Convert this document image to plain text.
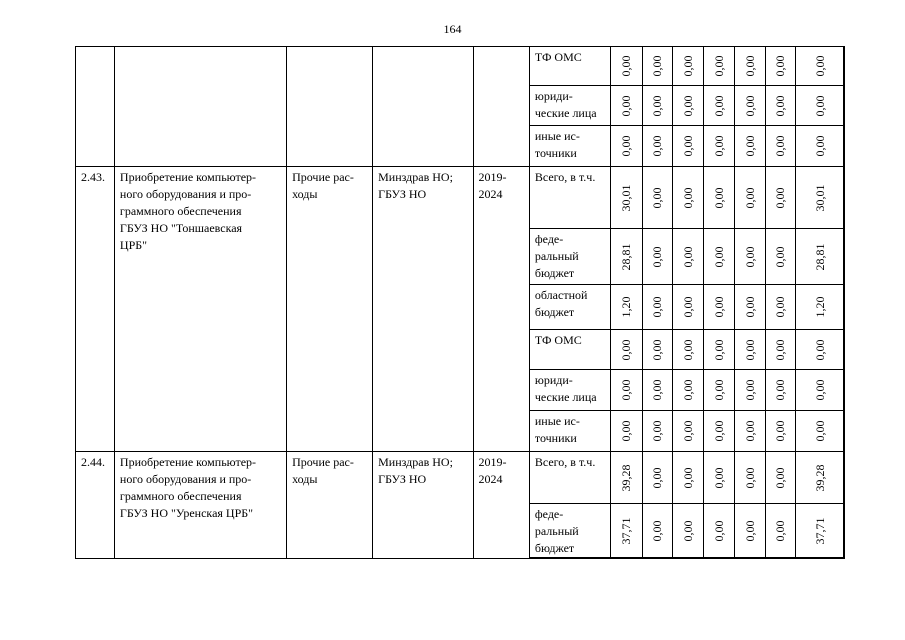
164
					ТФ ОМС	0,00	0,00	0,00	0,00	0,00	0,00	0,00

					юриди-
ческие лица	0,00	0,00	0,00	0,00	0,00	0,00	0,00

					иные ис-
точники	0,00	0,00	0,00	0,00	0,00	0,00	0,00

2.43.	Приобретение компьютер-
ного оборудования и про-
граммного обеспечения
ГБУЗ НО "Тоншаевская
ЦРБ"	Прочие рас-
ходы	Минздрав НО;
ГБУЗ НО	2019-
2024	Всего, в т.ч.	30,01	0,00	0,00	0,00	0,00	0,00	30,01

					феде-
ральный
бюджет	28,81	0,00	0,00	0,00	0,00	0,00	28,81

					областной
бюджет	1,20	0,00	0,00	0,00	0,00	0,00	1,20

					ТФ ОМС	0,00	0,00	0,00	0,00	0,00	0,00	0,00

					юриди-
ческие лица	0,00	0,00	0,00	0,00	0,00	0,00	0,00

					иные ис-
точники	0,00	0,00	0,00	0,00	0,00	0,00	0,00

2.44.	Приобретение компьютер-
ного оборудования и про-
граммного обеспечения
ГБУЗ НО "Уренская ЦРБ"	Прочие рас-
ходы	Минздрав НО;
ГБУЗ НО	2019-
2024	Всего, в т.ч.	39,28	0,00	0,00	0,00	0,00	0,00	39,28

					феде-
ральный
бюджет	37,71	0,00	0,00	0,00	0,00	0,00	37,71
